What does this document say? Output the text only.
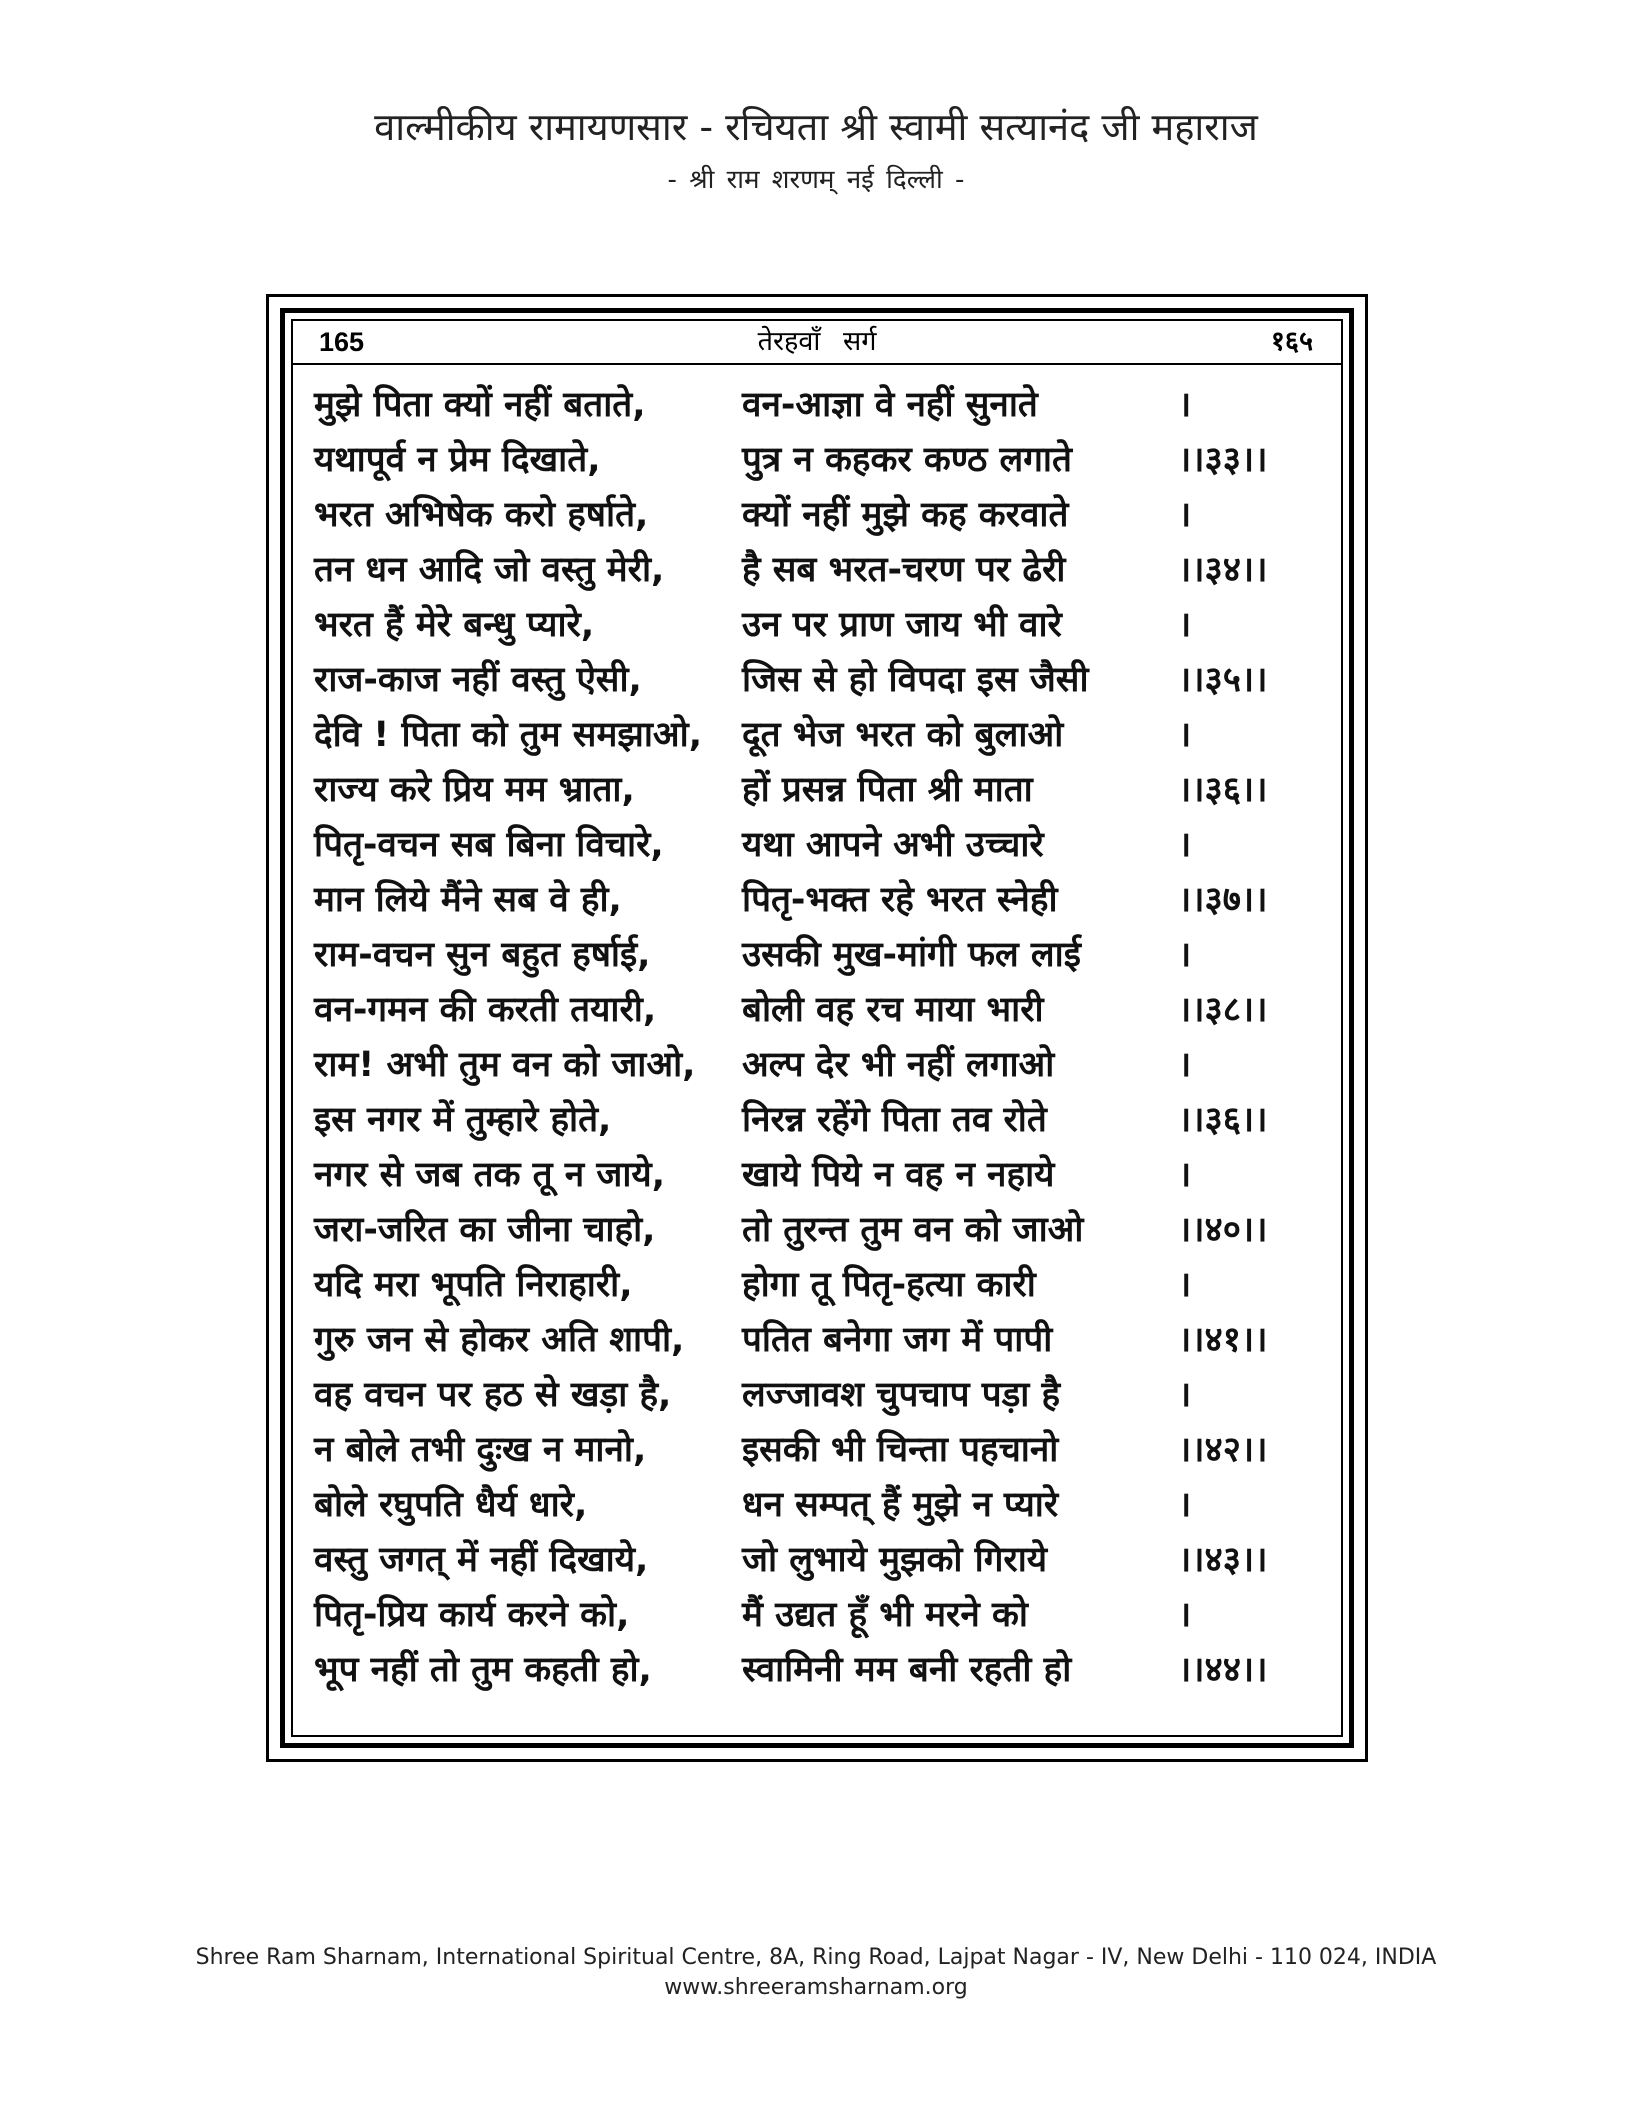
वाल्मीकीय रामायणसार - रचियता श्री स्वामी सत्यानंद जी महाराज
- श्री राम शरणम् नई दिल्ली -
165	तेरहवाँ सर्ग	१६५
मुझे पिता क्यों नहीं बताते,	वन-आज्ञा वे नहीं सुनाते	।
यथापूर्व न प्रेम दिखाते,	पुत्र न कहकर कण्ठ लगाते	।।३३।।
भरत अभिषेक करो हर्षाते,	क्यों नहीं मुझे कह करवाते	।
तन धन आदि जो वस्तु मेरी,	है सब भरत-चरण पर ढेरी	।।३४।।
भरत हैं मेरे बन्धु प्यारे,	उन पर प्राण जाय भी वारे	।
राज-काज नहीं वस्तु ऐसी,	जिस से हो विपदा इस जैसी	।।३५।।
देवि ! पिता को तुम समझाओ,	दूत भेज भरत को बुलाओ	।
राज्य करे प्रिय मम भ्राता,	हों प्रसन्न पिता श्री माता	।।३६।।
पितृ-वचन सब बिना विचारे,	यथा आपने अभी उच्चारे	।
मान लिये मैंने सब वे ही,	पितृ-भक्त रहे भरत स्नेही	।।३७।।
राम-वचन सुन बहुत हर्षाई,	उसकी मुख-मांगी फल लाई	।
वन-गमन की करती तयारी,	बोली वह रच माया भारी	।।३८।।
राम! अभी तुम वन को जाओ,	अल्प देर भी नहीं लगाओ	।
इस नगर में तुम्हारे होते,	निरन्न रहेंगे पिता तव रोते	।।३६।।
नगर से जब तक तू न जाये,	खाये पिये न वह न नहाये	।
जरा-जरित का जीना चाहो,	तो तुरन्त तुम वन को जाओ	।।४०।।
यदि मरा भूपति निराहारी,	होगा तू पितृ-हत्या कारी	।
गुरु जन से होकर अति शापी,	पतित बनेगा जग में पापी	।।४१।।
वह वचन पर हठ से खड़ा है,	लज्जावश चुपचाप पड़ा है	।
न बोले तभी दुःख न मानो,	इसकी भी चिन्ता पहचानो	।।४२।।
बोले रघुपति धैर्य धारे,	धन सम्पत् हैं मुझे न प्यारे	।
वस्तु जगत् में नहीं दिखाये,	जो लुभाये मुझको गिराये	।।४३।।
पितृ-प्रिय कार्य करने को,	मैं उद्यत हूँ भी मरने को	।
भूप नहीं तो तुम कहती हो,	स्वामिनी मम बनी रहती हो	।।४४।।
Shree Ram Sharnam, International Spiritual Centre, 8A, Ring Road, Lajpat Nagar - IV, New Delhi - 110 024, INDIA
www.shreeramsharnam.org
